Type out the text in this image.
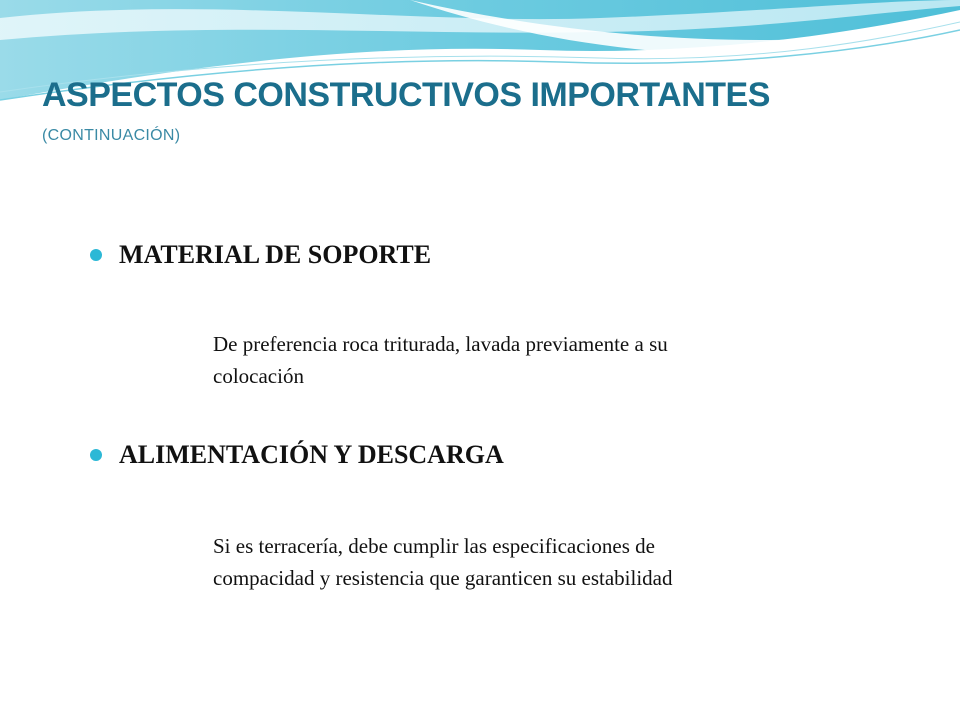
ASPECTOS CONSTRUCTIVOS IMPORTANTES

(CONTINUACIÓN)

MATERIAL DE SOPORTE

De preferencia roca triturada, lavada previamente a su
colocación

ALIMENTACIÓN Y DESCARGA

Si es terracería, debe cumplir las especificaciones de
compacidad y resistencia que garanticen su estabilidad
